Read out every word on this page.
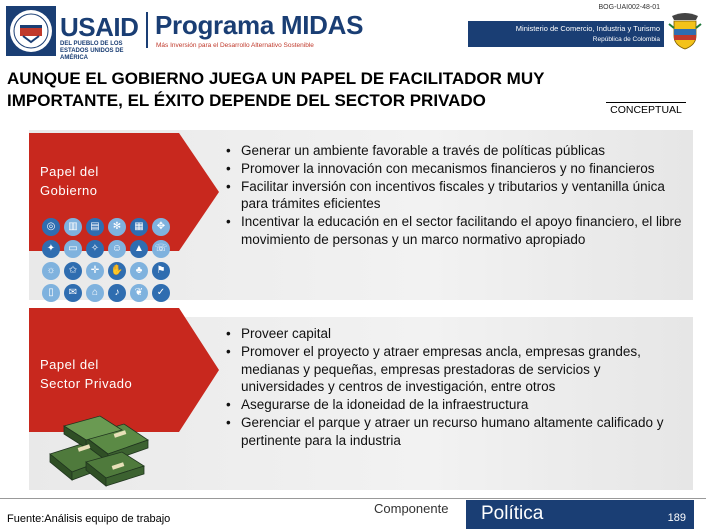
USAID
DEL PUEBLO DE LOS ESTADOS UNIDOS DE AMÉRICA
Programa MIDAS
Más Inversión para el Desarrollo Alternativo Sostenible
BOG-UAI002-48-01
Ministerio de Comercio, Industria y Turismo
República de Colombia
AUNQUE EL GOBIERNO JUEGA UN PAPEL DE FACILITADOR MUY
IMPORTANTE, EL ÉXITO DEPENDE DEL SECTOR PRIVADO	CONCEPTUAL
Papel del
Gobierno
◎	▥	▤	✻	▦	✥
✦	▭	✧	☺	▲	☏
☼	✩	✛	✋	♣	⚑
▯	✉	⌂	♪	❦	✓
• Generar un ambiente favorable a través de políticas públicas
• Promover la innovación con mecanismos financieros y no financieros
• Facilitar inversión con incentivos fiscales y tributarios y ventanilla única para trámites eficientes
• Incentivar la educación en el sector facilitando el apoyo financiero, el libre movimiento de personas y un marco normativo apropiado
Papel del
Sector Privado
• Proveer capital
• Promover el proyecto y atraer empresas ancla, empresas grandes, medianas y pequeñas, empresas prestadoras de servicios y universidades y centros de investigación, entre otros
• Asegurarse de la idoneidad de la infraestructura
• Gerenciar el parque y atraer un recurso humano altamente calificado y pertinente para la industria
Fuente:Análisis equipo de trabajo
Componente Política	189
